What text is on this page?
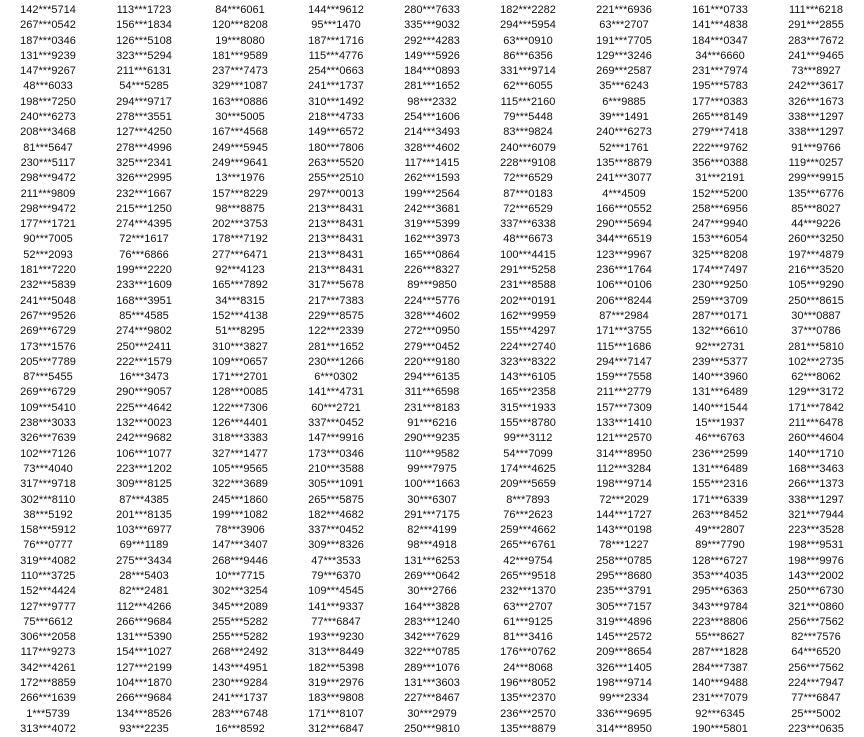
142***5714	113***1723	84***6061	144***9612	280***7633	182***2282	221***6936	161***0733	111***6218
267***0542	156***1834	120***8208	95***1470	335***9032	294***5954	63***2707	141***4838	291***2855
187***0346	126***5108	19***8080	187***1716	292***4283	63***0910	191***7705	184***0347	283***7672
131***9239	323***5294	181***9589	115***4776	149***5926	86***6356	129***3246	34***6660	241***9465
147***9267	211***6131	237***7473	254***0663	184***0893	331***9714	269***2587	231***7974	73***8927
48***6033	54***5285	329***1087	241***1737	281***1652	62***6055	35***6243	195***5783	242***3617
198***7250	294***9717	163***0886	310***1492	98***2332	115***2160	6***9885	177***0383	326***1673
240***6273	278***3551	30***5005	218***4733	254***1606	79***5448	39***1491	265***8149	338***1297
208***3468	127***4250	167***4568	149***6572	214***3493	83***9824	240***6273	279***7418	338***1297
81***5647	278***4996	249***5945	180***7806	328***4602	240***6079	52***1761	222***9762	91***9766
230***5117	325***2341	249***9641	263***5520	117***1415	228***9108	135***8879	356***0388	119***0257
298***9472	326***2995	13***1976	255***2510	262***1593	72***6529	241***3077	31***2191	299***9915
211***9809	232***1667	157***8229	297***0013	199***2564	87***0183	4***4509	152***5200	135***6776
298***9472	215***1250	98***8875	213***8431	242***3681	72***6529	166***0552	258***6956	85***8027
177***1721	274***4395	202***3753	213***8431	319***5399	337***6338	290***5694	247***9940	44***9226
90***7005	72***1617	178***7192	213***8431	162***3973	48***6673	344***6519	153***6054	260***3250
52***2093	76***6866	277***6471	213***8431	165***0864	100***4415	123***9967	325***8208	197***4879
181***7220	199***2220	92***4123	213***8431	226***8327	291***5258	236***1764	174***7497	216***3520
232***5839	233***1609	165***7892	317***5678	89***9850	231***8588	106***0106	230***9250	105***9290
241***5048	168***3951	34***8315	217***7383	224***5776	202***0191	206***8244	259***3709	250***8615
267***9526	85***4585	152***4138	229***8575	328***4602	162***9959	87***2984	287***0171	30***0887
269***6729	274***9802	51***8295	122***2339	272***0950	155***4297	171***3755	132***6610	37***0786
173***1576	250***2411	310***3827	281***1652	279***0452	224***2740	115***1686	92***2731	281***5810
205***7789	222***1579	109***0657	230***1266	220***9180	323***8322	294***7147	239***5377	102***2735
87***5455	16***3473	171***2701	6***0302	294***6135	143***6105	159***7558	140***3960	62***8062
269***6729	290***9057	128***0085	141***4731	311***6598	165***2358	211***2779	131***6489	129***3172
109***5410	225***4642	122***7306	60***2721	231***8183	315***1933	157***7309	140***1544	171***7842
238***3033	132***0023	126***4401	337***0452	91***6216	155***8780	133***1410	15***1937	211***6478
326***7639	242***9682	318***3383	147***9916	290***9235	99***3112	121***2570	46***6763	260***4604
102***7126	106***1077	327***1477	173***0346	110***9582	54***7099	314***8950	236***2599	140***1710
73***4040	223***1202	105***9565	210***3588	99***7975	174***4625	112***3284	131***6489	168***3463
317***9718	309***8125	322***3689	305***1091	100***1663	209***5659	198***9714	155***2316	266***1373
302***8110	87***4385	245***1860	265***5875	30***6307	8***7893	72***2029	171***6339	338***1297
38***5192	201***8135	199***1082	182***4682	291***7175	76***2623	144***1727	263***8452	321***7944
158***5912	103***6977	78***3906	337***0452	82***4199	259***4662	143***0198	49***2807	223***3528
76***0777	69***1189	147***3407	309***8326	98***4918	265***6761	78***1227	89***7790	198***9531
319***4082	275***3434	268***9446	47***3533	131***6253	42***9754	258***0785	128***6727	198***9976
110***3725	28***5403	10***7715	79***6370	269***0642	265***9518	295***8680	353***4035	143***2002
152***4424	82***2481	302***3254	109***4545	30***2766	232***1370	235***3791	295***6363	250***6730
127***9777	112***4266	345***2089	141***9337	164***3828	63***2707	305***7157	343***9784	321***0860
75***6612	266***9684	255***5282	77***6847	283***1240	61***9125	319***4896	223***8806	256***7562
306***2058	131***5390	255***5282	193***9230	342***7629	81***3416	145***2572	55***8627	82***7576
117***9273	154***1027	268***2492	313***8449	322***0785	176***0762	209***8654	287***1828	64***6520
342***4261	127***2199	143***4951	182***5398	289***1076	24***8068	326***1405	284***7387	256***7562
172***8859	104***1870	230***9284	319***2976	131***3603	196***8052	198***9714	140***9488	224***7947
266***1639	266***9684	241***1737	183***9808	227***8467	135***2370	99***2334	231***7079	77***6847
1***5739	134***8526	283***6748	171***8107	30***2979	236***2570	336***9695	92***6345	25***5002
313***4072	93***2235	16***8592	312***6847	250***9810	135***8879	314***8950	190***5801	223***0635
